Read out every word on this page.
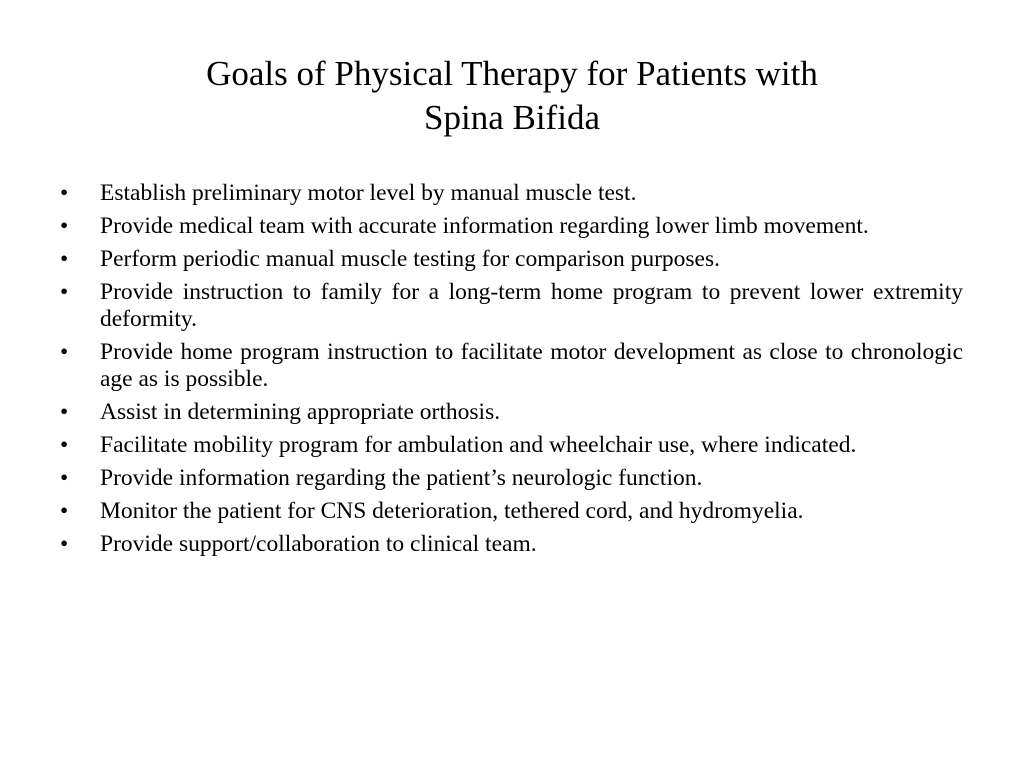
Goals of Physical Therapy for Patients with
Spina Bifida
• Establish preliminary motor level by manual muscle test.
• Provide medical team with accurate information regarding lower limb movement.
• Perform periodic manual muscle testing for comparison purposes.
• Provide instruction to family for a long-term home program to prevent lower extremity deformity.
• Provide home program instruction to facilitate motor development as close to chronologic age as is possible.
• Assist in determining appropriate orthosis.
• Facilitate mobility program for ambulation and wheelchair use, where indicated.
• Provide information regarding the patient’s neurologic function.
• Monitor the patient for CNS deterioration, tethered cord, and hydromyelia.
• Provide support/collaboration to clinical team.
